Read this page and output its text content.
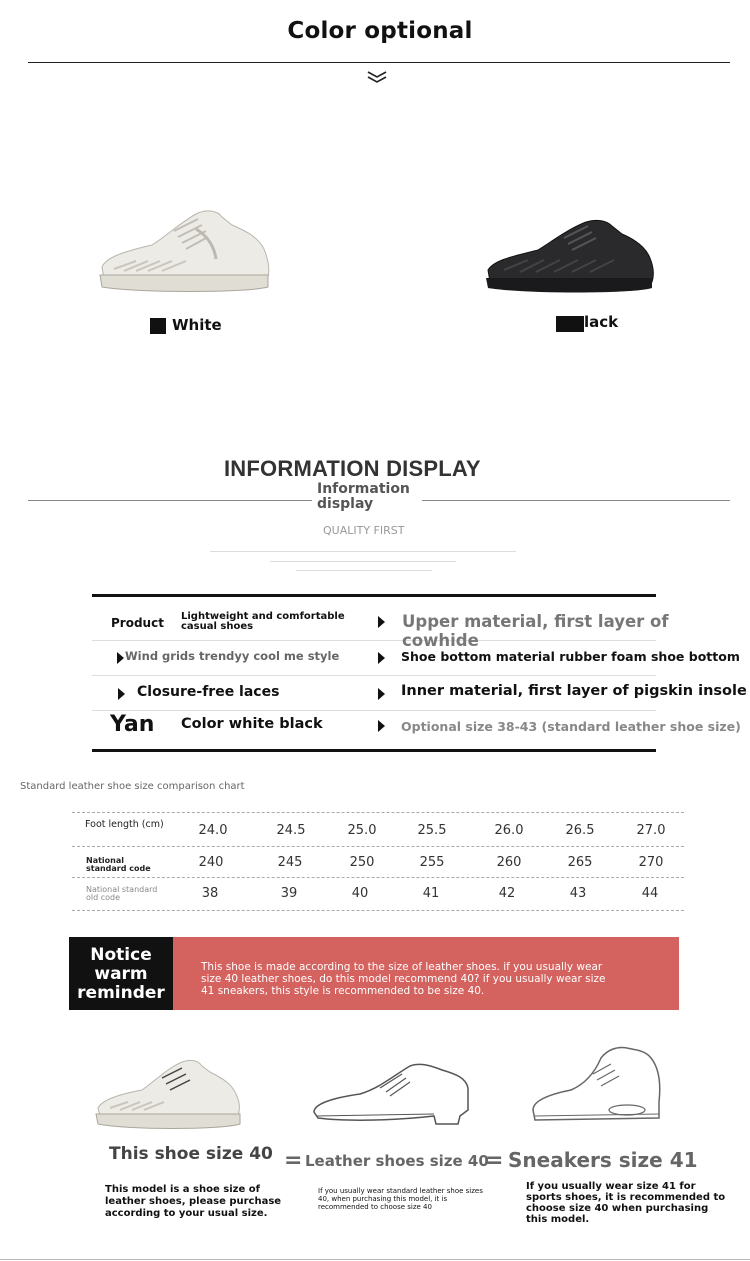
Color optional
White	lack
INFORMATION DISPLAY
Information display
QUALITY FIRST
Product Lightweight and comfortable casual shoes	Upper material, first layer of cowhide
Wind grids trendyy cool me style	Shoe bottom material rubber foam shoe bottom
Closure-free laces	Inner material, first layer of pigskin insole
Yan Color white black	Optional size 38-43 (standard leather shoe size)
Standard leather shoe size comparison chart
Foot length (cm)	24.0	24.5	25.0	25.5	26.0	26.5	27.0
National standard code	240	245	250	255	260	265	270
National standard old code	38	39	40	41	42	43	44
Notice warm reminder
This shoe is made according to the size of leather shoes. if you usually wear size 40 leather shoes, do this model recommend 40? if you usually wear size 41 sneakers, this style is recommended to be size 40.
This shoe size 40
This model is a shoe size of leather shoes, please purchase according to your usual size.
= Leather shoes size 40
If you usually wear standard leather shoe sizes 40, when purchasing this model, it is recommended to choose size 40
= Sneakers size 41
If you usually wear size 41 for sports shoes, it is recommended to choose size 40 when purchasing this model.
